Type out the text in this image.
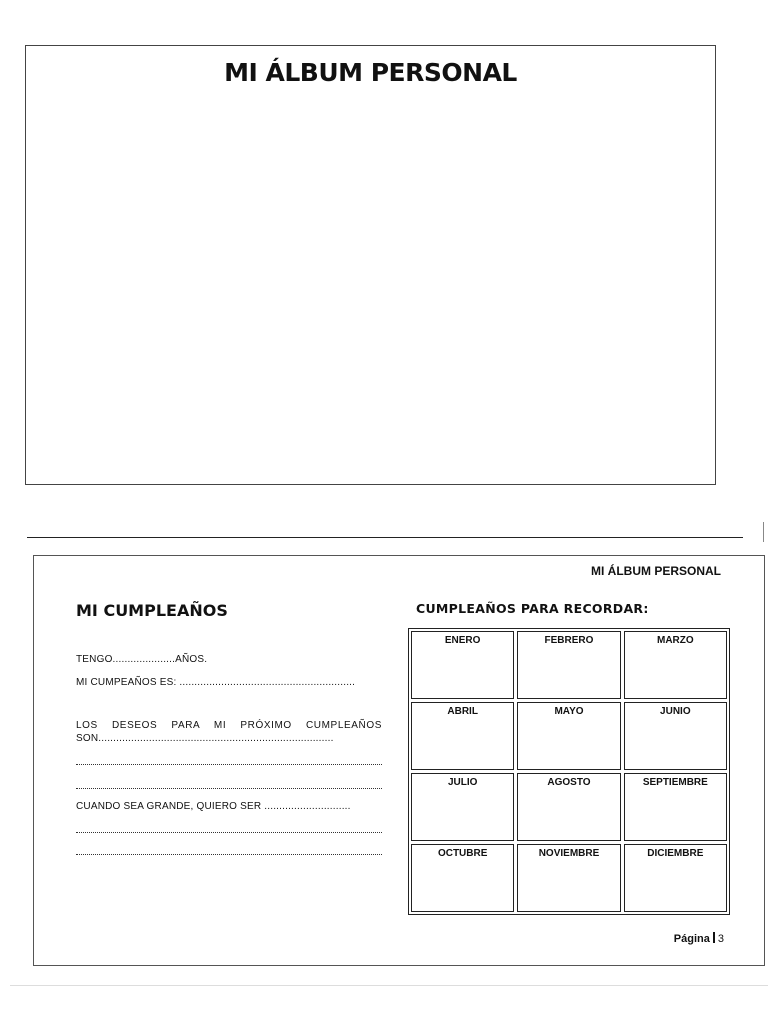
MI ÁLBUM PERSONAL
MI ÁLBUM PERSONAL
MI CUMPLEAÑOS
TENGO.....................AÑOS.
MI CUMPEAÑOS ES: ...........................................................
LOS DESEOS PARA MI PRÓXIMO CUMPLEAÑOS
SON...............................................................................
CUANDO SEA GRANDE, QUIERO SER .............................
CUMPLEAÑOS PARA RECORDAR:
ENERO	FEBRERO	MARZO
ABRIL	MAYO	JUNIO
JULIO	AGOSTO	SEPTIEMBRE
OCTUBRE	NOVIEMBRE	DICIEMBRE
Página 3
